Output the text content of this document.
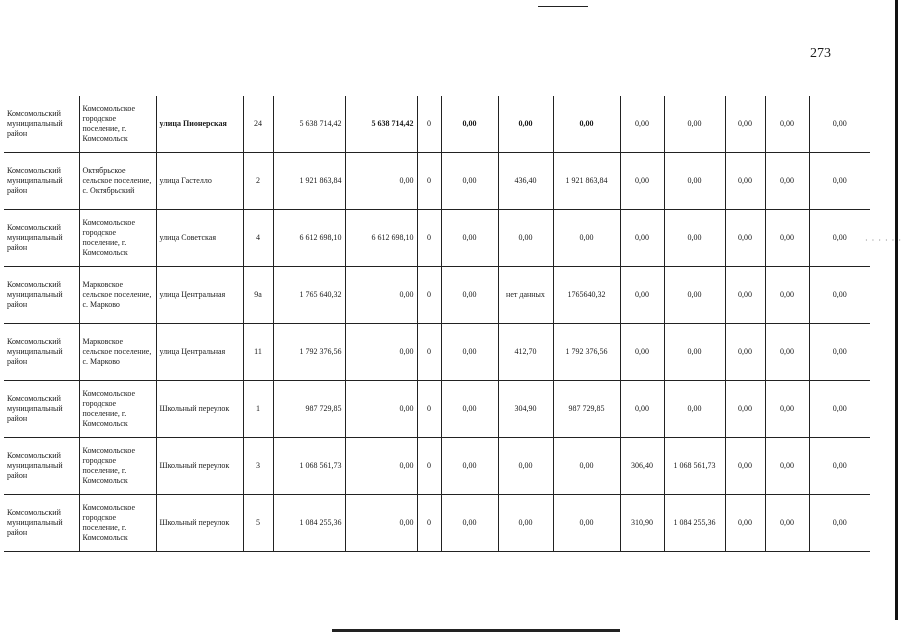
273
Комсомольский муниципальный район	Комсомольское городское поселение, г. Комсомольск	улица Пионерская	24	5 638 714,42	5 638 714,42	0	0,00	0,00	0,00	0,00	0,00	0,00	0,00	0,00
Комсомольский муниципальный район	Октябрьское сельское поселение, с. Октябрьский	улица Гастелло	2	1 921 863,84	0,00	0	0,00	436,40	1 921 863,84	0,00	0,00	0,00	0,00	0,00
Комсомольский муниципальный район	Комсомольское городское поселение, г. Комсомольск	улица Советская	4	6 612 698,10	6 612 698,10	0	0,00	0,00	0,00	0,00	0,00	0,00	0,00	0,00
Комсомольский муниципальный район	Марковское сельское поселение, с. Марково	улица Центральная	9а	1 765 640,32	0,00	0	0,00	нет данных	1765640,32	0,00	0,00	0,00	0,00	0,00
Комсомольский муниципальный район	Марковское сельское поселение, с. Марково	улица Центральная	11	1 792 376,56	0,00	0	0,00	412,70	1 792 376,56	0,00	0,00	0,00	0,00	0,00
Комсомольский муниципальный район	Комсомольское городское поселение, г. Комсомольск	Школьный переулок	1	987 729,85	0,00	0	0,00	304,90	987 729,85	0,00	0,00	0,00	0,00	0,00
Комсомольский муниципальный район	Комсомольское городское поселение, г. Комсомольск	Школьный переулок	3	1 068 561,73	0,00	0	0,00	0,00	0,00	306,40	1 068 561,73	0,00	0,00	0,00
Комсомольский муниципальный район	Комсомольское городское поселение, г. Комсомольск	Школьный переулок	5	1 084 255,36	0,00	0	0,00	0,00	0,00	310,90	1 084 255,36	0,00	0,00	0,00
· · · · · ·
